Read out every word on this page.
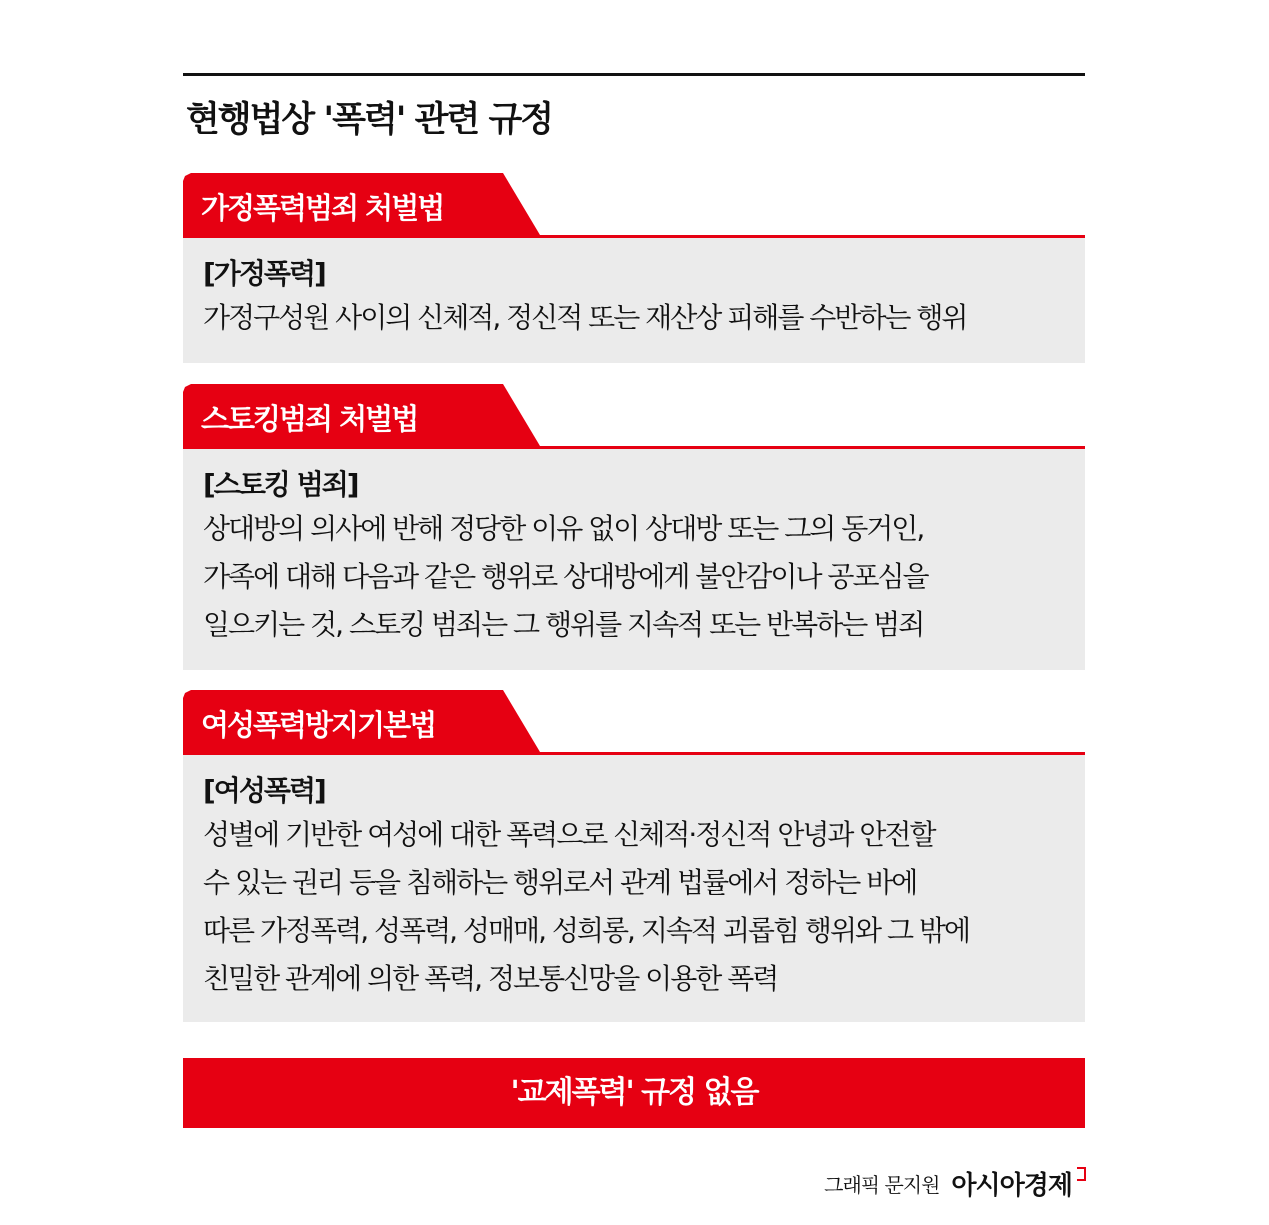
현행법상 '폭력' 관련 규정
가정폭력범죄 처벌법
[가정폭력]
가정구성원 사이의 신체적, 정신적 또는 재산상 피해를 수반하는 행위
스토킹범죄 처벌법
[스토킹 범죄]
상대방의 의사에 반해 정당한 이유 없이 상대방 또는 그의 동거인,
가족에 대해 다음과 같은 행위로 상대방에게 불안감이나 공포심을
일으키는 것, 스토킹 범죄는 그 행위를 지속적 또는 반복하는 범죄
여성폭력방지기본법
[여성폭력]
성별에 기반한 여성에 대한 폭력으로 신체적·정신적 안녕과 안전할
수 있는 권리 등을 침해하는 행위로서 관계 법률에서 정하는 바에
따른 가정폭력, 성폭력, 성매매, 성희롱, 지속적 괴롭힘 행위와 그 밖에
친밀한 관계에 의한 폭력, 정보통신망을 이용한 폭력
'교제폭력' 규정 없음
그래픽 문지원 아시아경제
